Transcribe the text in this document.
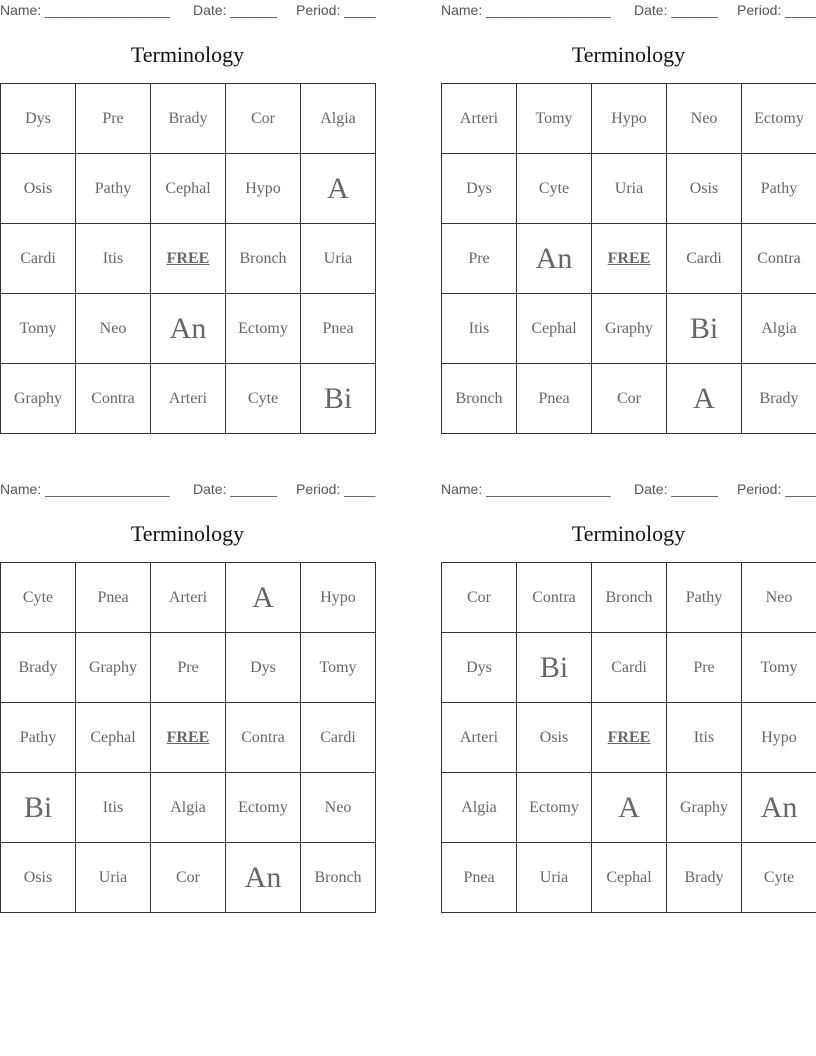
Name: ________________ Date: ______ Period: ____
Terminology
Dys	Pre	Brady	Cor	Algia
Osis	Pathy	Cephal	Hypo	A
Cardi	Itis	FREE	Bronch	Uria
Tomy	Neo	An	Ectomy	Pnea
Graphy	Contra	Arteri	Cyte	Bi
Name: ________________ Date: ______ Period: ____
Terminology
Arteri	Tomy	Hypo	Neo	Ectomy
Dys	Cyte	Uria	Osis	Pathy
Pre	An	FREE	Cardi	Contra
Itis	Cephal	Graphy	Bi	Algia
Bronch	Pnea	Cor	A	Brady
Name: ________________ Date: ______ Period: ____
Terminology
Cyte	Pnea	Arteri	A	Hypo
Brady	Graphy	Pre	Dys	Tomy
Pathy	Cephal	FREE	Contra	Cardi
Bi	Itis	Algia	Ectomy	Neo
Osis	Uria	Cor	An	Bronch
Name: ________________ Date: ______ Period: ____
Terminology
Cor	Contra	Bronch	Pathy	Neo
Dys	Bi	Cardi	Pre	Tomy
Arteri	Osis	FREE	Itis	Hypo
Algia	Ectomy	A	Graphy	An
Pnea	Uria	Cephal	Brady	Cyte
